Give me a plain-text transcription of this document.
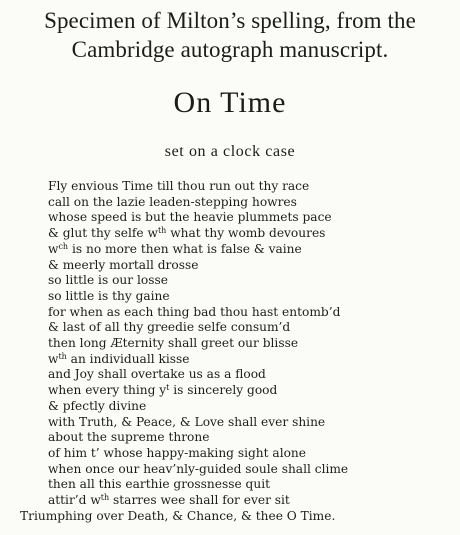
Specimen of Milton’s spelling, from the
Cambridge autograph manuscript.
On Time
set on a clock case
Fly envious Time till thou run out thy race
call on the lazie leaden-stepping howres
whose speed is but the heavie plummets pace
& glut thy selfe $w^{th}$ what thy womb devoures
$w^{ch}$ is no more then what is false & vaine
& meerly mortall drosse
so little is our losse
so little is thy gaine
for when as each thing bad thou hast entomb’d
& last of all thy greedie selfe consum’d
then long Æternity shall greet our blisse
$w^{th}$ an individuall kisse
and Joy shall overtake us as a flood
when every thing $y^t$ is sincerely good
& pfectly divine
with Truth, & Peace, & Love shall ever shine
about the supreme throne
of him t’ whose happy-making sight alone
when once our heav’nly-guided soule shall clime
then all this earthie grossnesse quit
attir’d $w^{th}$ starres wee shall for ever sit
Triumphing over Death, & Chance, & thee O Time.
